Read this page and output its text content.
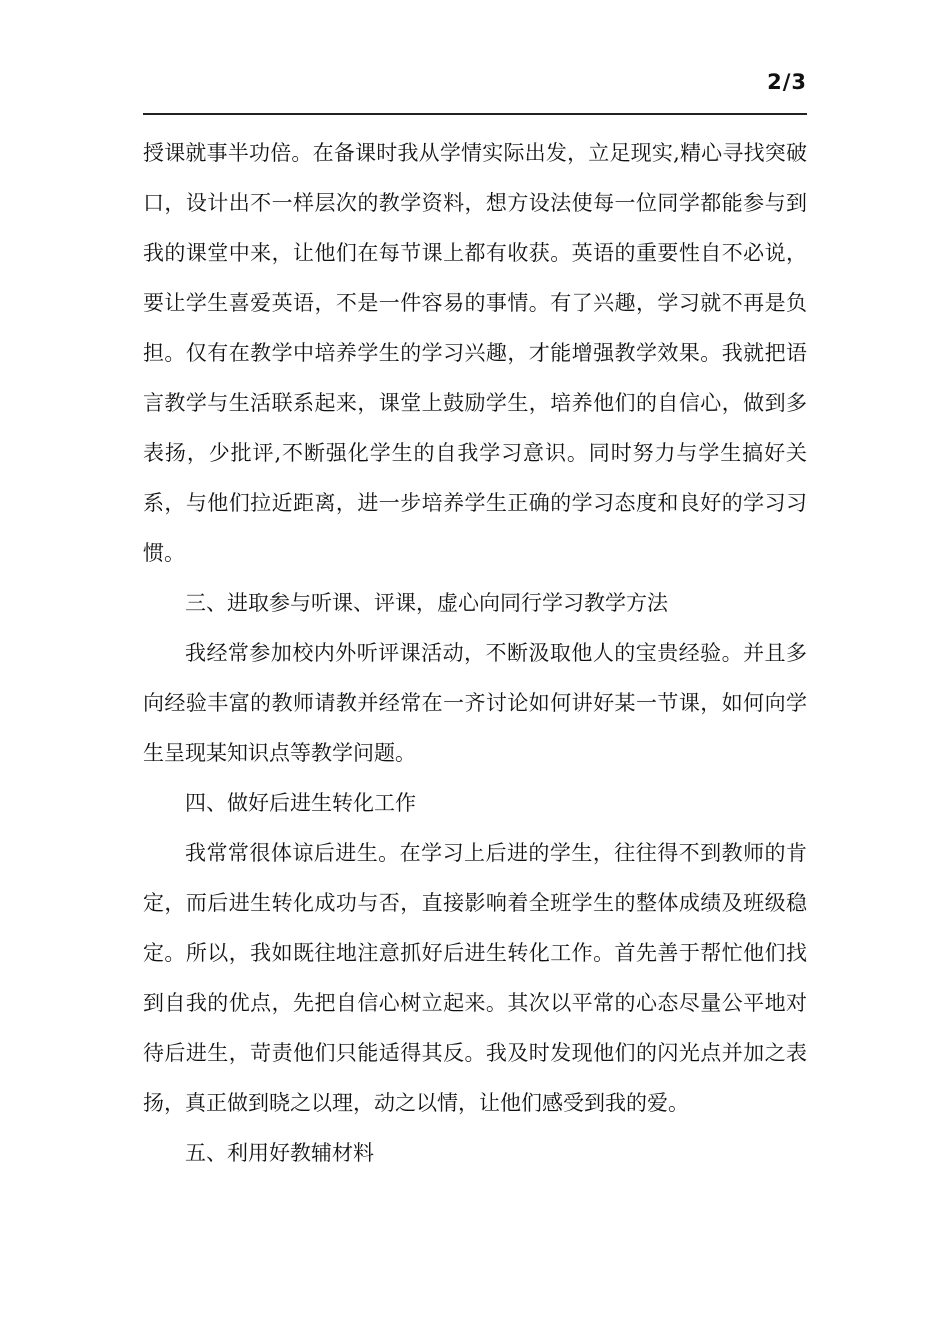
2/3

授课就事半功倍。在备课时我从学情实际出发，立足现实,精心寻找突破口，设计出不一样层次的教学资料，想方设法使每一位同学都能参与到我的课堂中来，让他们在每节课上都有收获。英语的重要性自不必说，要让学生喜爱英语，不是一件容易的事情。有了兴趣，学习就不再是负担。仅有在教学中培养学生的学习兴趣，才能增强教学效果。我就把语言教学与生活联系起来，课堂上鼓励学生，培养他们的自信心，做到多表扬，少批评,不断强化学生的自我学习意识。同时努力与学生搞好关系，与他们拉近距离，进一步培养学生正确的学习态度和良好的学习习惯。

三、进取参与听课、评课，虚心向同行学习教学方法

我经常参加校内外听评课活动，不断汲取他人的宝贵经验。并且多向经验丰富的教师请教并经常在一齐讨论如何讲好某一节课，如何向学生呈现某知识点等教学问题。

四、做好后进生转化工作

我常常很体谅后进生。在学习上后进的学生，往往得不到教师的肯定，而后进生转化成功与否，直接影响着全班学生的整体成绩及班级稳定。所以，我如既往地注意抓好后进生转化工作。首先善于帮忙他们找到自我的优点，先把自信心树立起来。其次以平常的心态尽量公平地对待后进生，苛责他们只能适得其反。我及时发现他们的闪光点并加之表扬，真正做到晓之以理，动之以情，让他们感受到我的爱。

五、利用好教辅材料
